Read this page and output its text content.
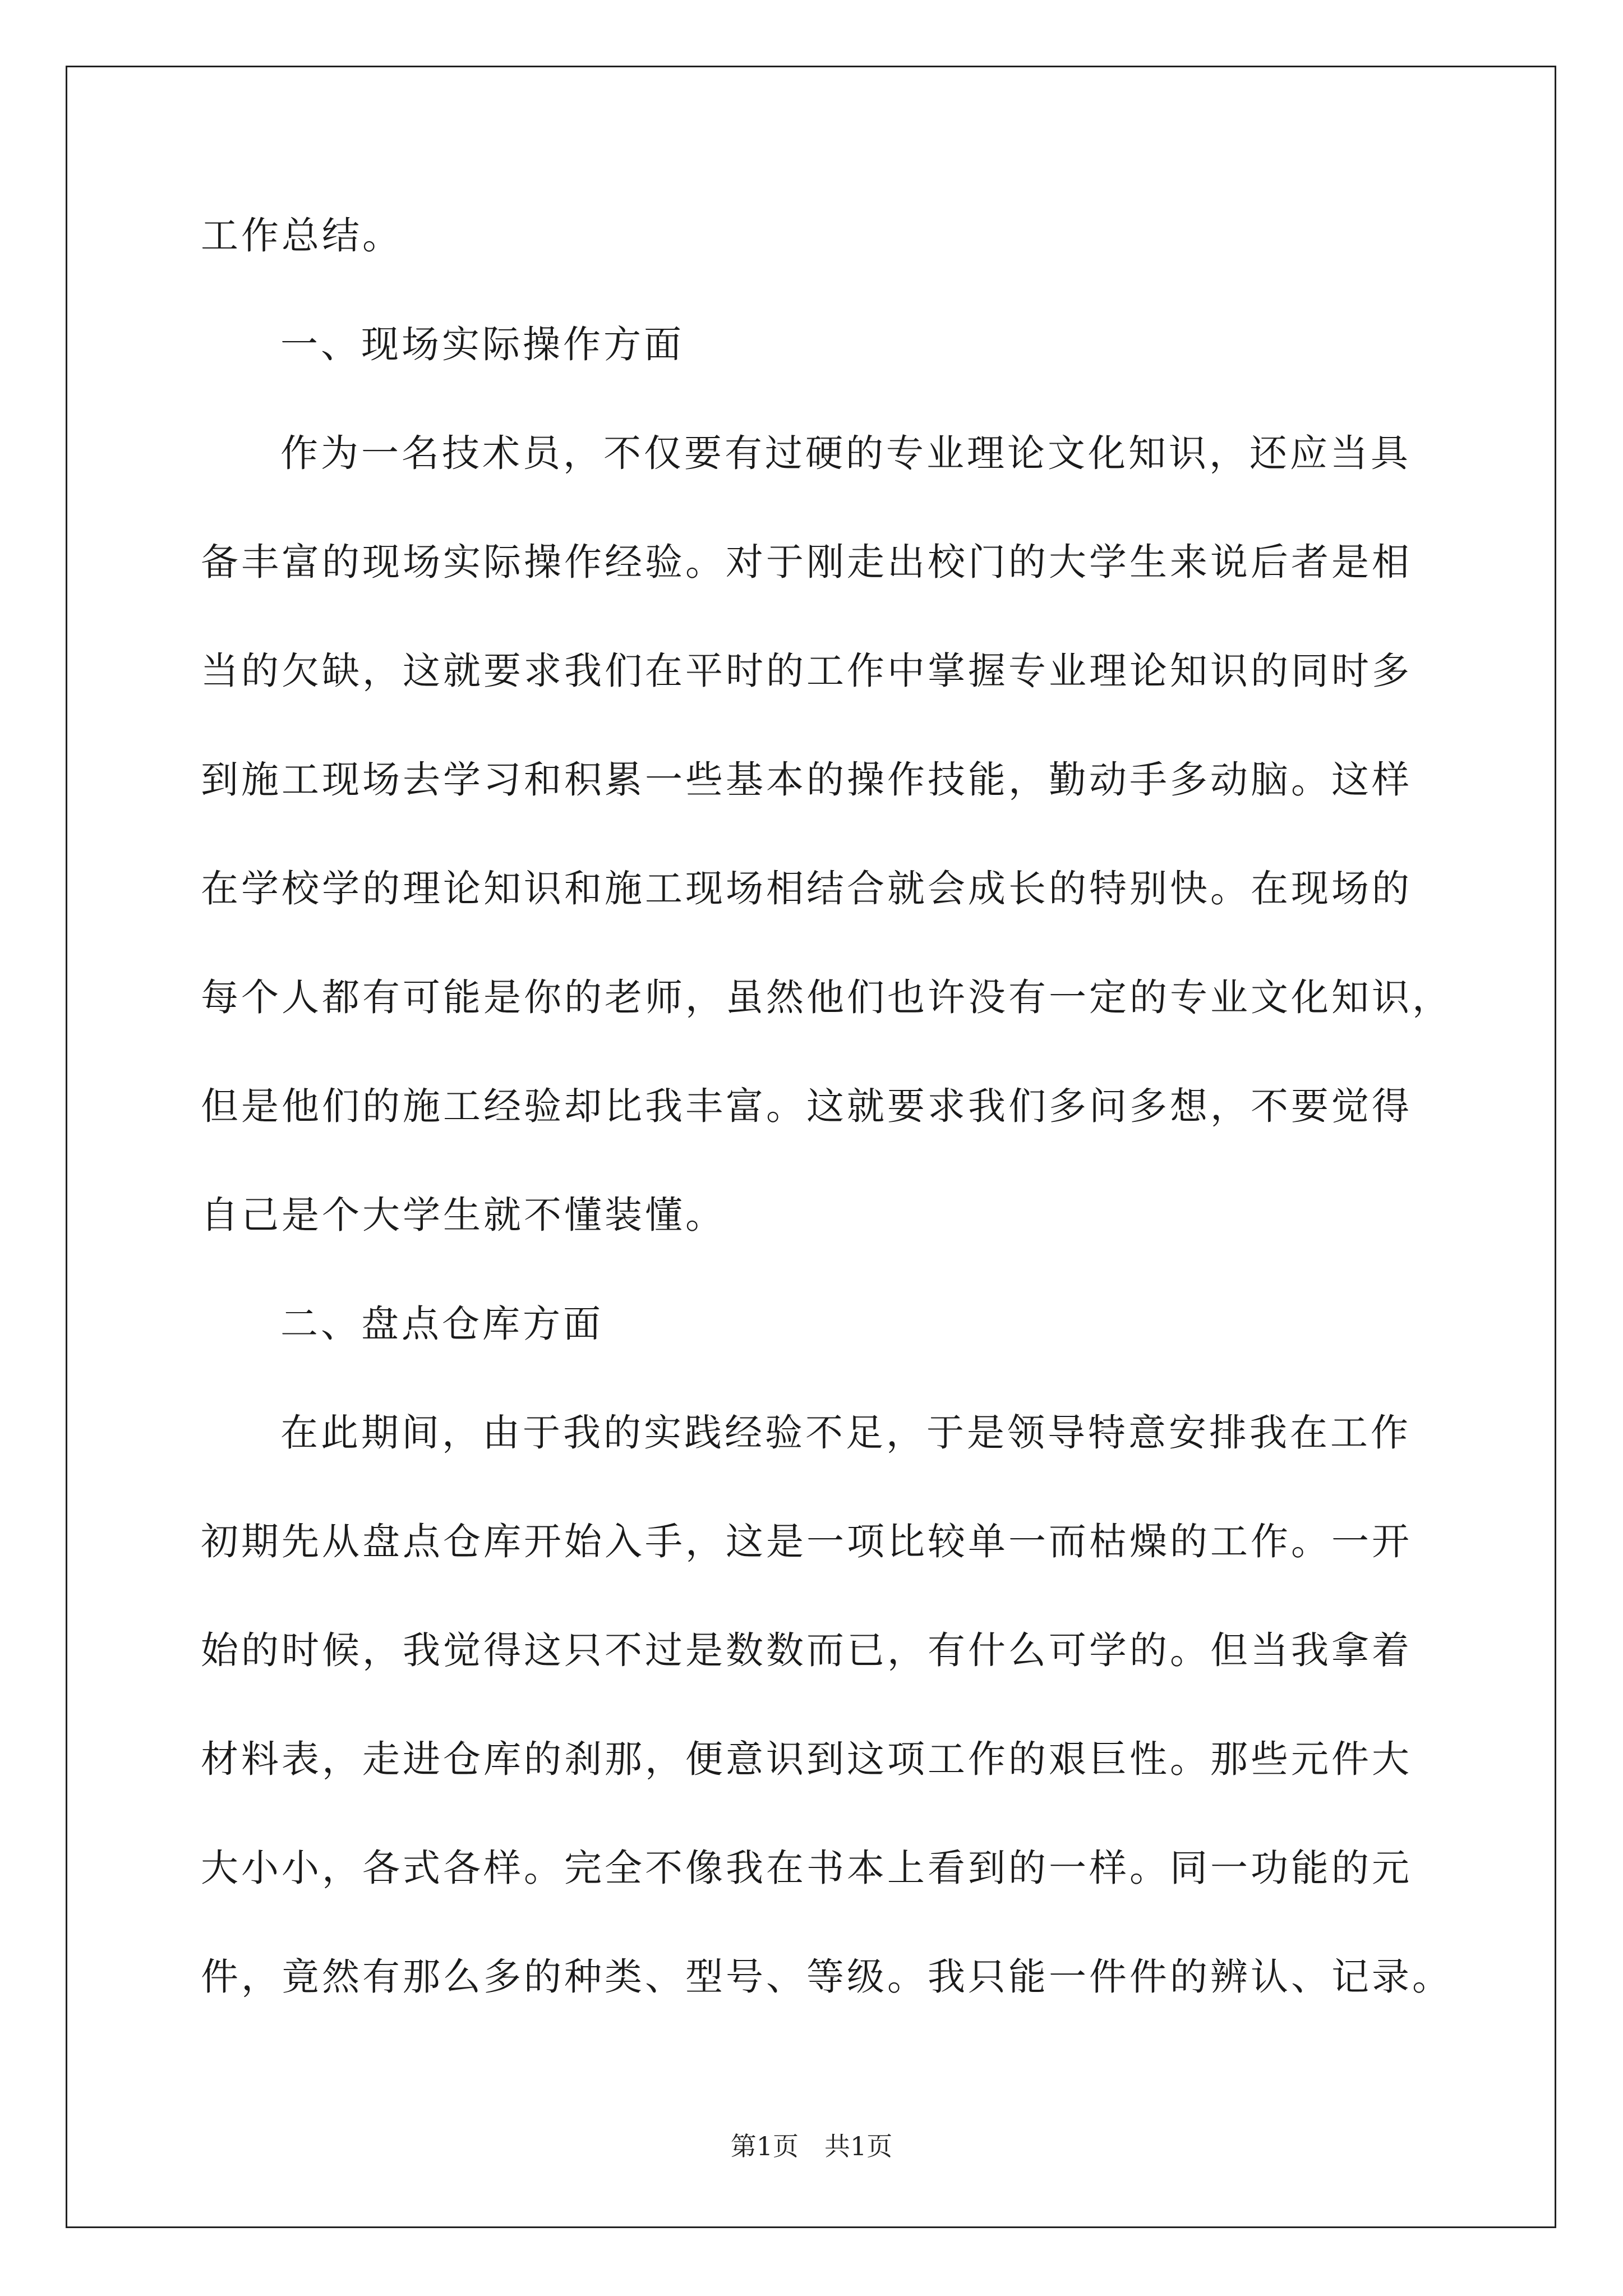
工作总结。
一、现场实际操作方面
作为一名技术员，不仅要有过硬的专业理论文化知识，还应当具
备丰富的现场实际操作经验。对于刚走出校门的大学生来说后者是相
当的欠缺，这就要求我们在平时的工作中掌握专业理论知识的同时多
到施工现场去学习和积累一些基本的操作技能，勤动手多动脑。这样
在学校学的理论知识和施工现场相结合就会成长的特别快。在现场的
每个人都有可能是你的老师，虽然他们也许没有一定的专业文化知识，
但是他们的施工经验却比我丰富。这就要求我们多问多想，不要觉得
自己是个大学生就不懂装懂。
二、盘点仓库方面
在此期间，由于我的实践经验不足，于是领导特意安排我在工作
初期先从盘点仓库开始入手，这是一项比较单一而枯燥的工作。一开
始的时候，我觉得这只不过是数数而已，有什么可学的。但当我拿着
材料表，走进仓库的刹那，便意识到这项工作的艰巨性。那些元件大
大小小，各式各样。完全不像我在书本上看到的一样。同一功能的元
件，竟然有那么多的种类、型号、等级。我只能一件件的辨认、记录。
第1页　共1页
